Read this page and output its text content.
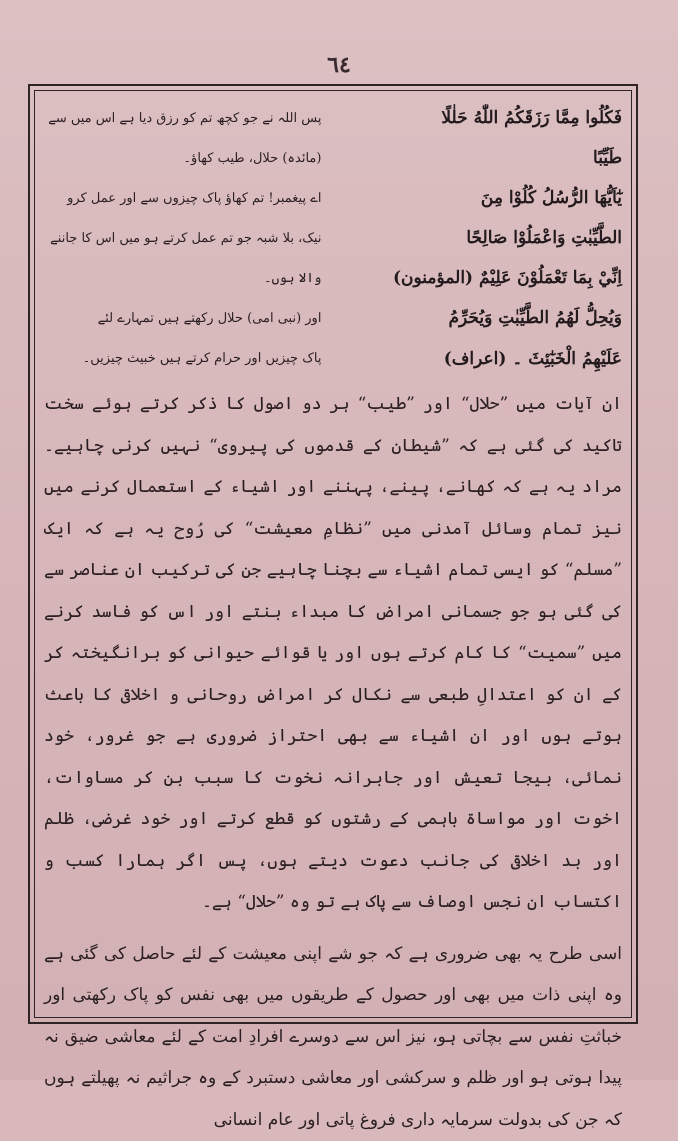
٦٤
فَكُلُوا مِمَّا رَزَقَكُمُ اللّٰهُ حَلٰلًا
پس اللہ نے جو کچھ تم کو رزق دیا ہے اس میں سے
طَيِّبًا
(مائدہ) حلال، طیب کھاؤ۔
يٰٓاَيُّهَا الرُّسُلُ كُلُوْا مِنَ
اے پیغمبر! تم کھاؤ پاک چیزوں سے اور عمل کرو
الطَّيِّبٰتِ وَاعْمَلُوْا صَالِحًا
نیک، بلا شبہ جو تم عمل کرتے ہو میں اس کا جاننے
اِنِّيْ بِمَا تَعْمَلُوْنَ عَلِيْمٌ (المؤمنون)
والا ہوں۔
وَيُحِلُّ لَهُمُ الطَّيِّبٰتِ وَيُحَرِّمُ
اور (نبی امی) حلال رکھتے ہیں تمہارے لئے
عَلَيْهِمُ الْخَبٰٓئِثَ ۔ (اعراف)
پاک چیزیں اور حرام کرتے ہیں خبیث چیزیں۔

ان آیات میں ”حلال“ اور ”طیب“ ہر دو اصول کا ذکر کرتے ہوئے سخت تاکید کی گئی ہے کہ ”شیطان کے قدموں کی پیروی“ نہیں کرنی چاہیے۔ مراد یہ ہے کہ کھانے، پینے، پہننے اور اشیاء کے استعمال کرنے میں نیز تمام وسائل آمدنی میں ”نظامِ معیشت“ کی رُوح یہ ہے کہ ایک ”مسلم“ کو ایسی تمام اشیاء سے بچنا چاہیے جن کی ترکیب ان عناصر سے کی گئی ہو جو جسمانی امراض کا مبداء بنتے اور اس کو فاسد کرنے میں ”سمیت“ کا کام کرتے ہوں اور یا قوائے حیوانی کو برانگیختہ کر کے ان کو اعتدالِ طبعی سے نکال کر امراضِ روحانی و اخلاقی کا باعث ہوتے ہوں اور ان اشیاء سے بھی احتراز ضروری ہے جو غرور، خود نمائی، بیجا تعیش اور جابرانہ نخوت کا سبب بن کر مساوات، اخوت اور مواساۃ باہمی کے رشتوں کو قطع کرتے اور خود غرضی، ظلم اور بد اخلاقی کی جانب دعوت دیتے ہوں، پس اگر ہمارا کسب و اکتساب ان نجس اوصاف سے پاک ہے تو وہ ”حلال“ ہے۔

اسی طرح یہ بھی ضروری ہے کہ جو شے اپنی معیشت کے لئے حاصل کی گئی ہے وہ اپنی ذات میں بھی اور حصول کے طریقوں میں بھی نفس کو پاک رکھتی اور خباثتِ نفس سے بچاتی ہو، نیز اس سے دوسرے افرادِ امت کے لئے معاشی ضیق نہ پیدا ہوتی ہو اور ظلم و سرکشی اور معاشی دستبرد کے وہ جراثیم نہ پھیلتے ہوں کہ جن کی بدولت سرمایہ داری فروغ پاتی اور عام انسانی
